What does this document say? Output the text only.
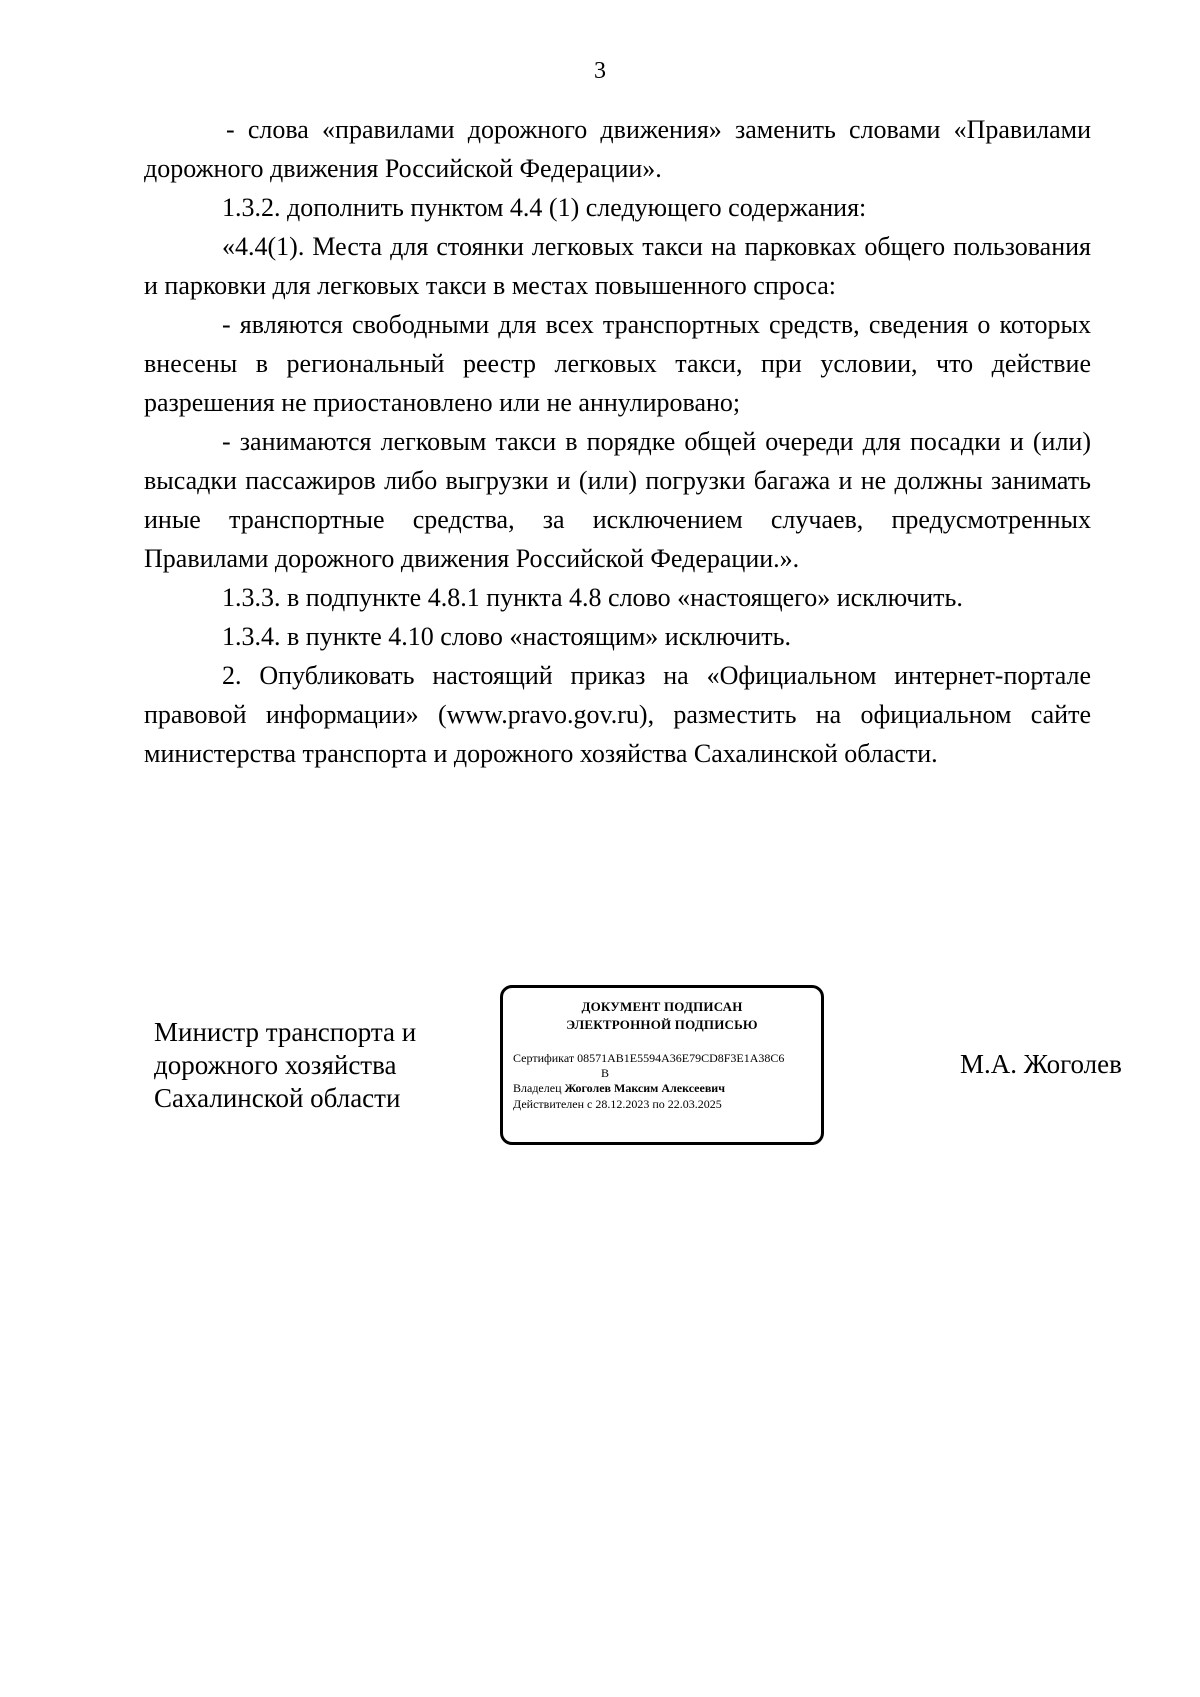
3

- слова «правилами дорожного движения» заменить словами «Правилами дорожного движения Российской Федерации».

1.3.2. дополнить пунктом 4.4 (1) следующего содержания:

«4.4(1). Места для стоянки легковых такси на парковках общего пользования и парковки для легковых такси в местах повышенного спроса:

- являются свободными для всех транспортных средств, сведения о которых внесены в региональный реестр легковых такси, при условии, что действие разрешения не приостановлено или не аннулировано;

- занимаются легковым такси в порядке общей очереди для посадки и (или) высадки пассажиров либо выгрузки и (или) погрузки багажа и не должны занимать иные транспортные средства, за исключением случаев, предусмотренных Правилами дорожного движения Российской Федерации.».

1.3.3. в подпункте 4.8.1 пункта 4.8 слово «настоящего» исключить.

1.3.4. в пункте 4.10 слово «настоящим» исключить.

2. Опубликовать настоящий приказ на «Официальном интернет-портале правовой информации» (www.pravo.gov.ru), разместить на официальном сайте министерства транспорта и дорожного хозяйства Сахалинской области.

Министр транспорта и
дорожного хозяйства
Сахалинской области
ДОКУМЕНТ ПОДПИСАН
ЭЛЕКТРОННОЙ ПОДПИСЬЮ
Сертификат 08571AB1E5594A36E79CD8F3E1A38C6
B
Владелец Жоголев Максим Алексеевич
Действителен с 28.12.2023 по 22.03.2025
М.А. Жоголев
